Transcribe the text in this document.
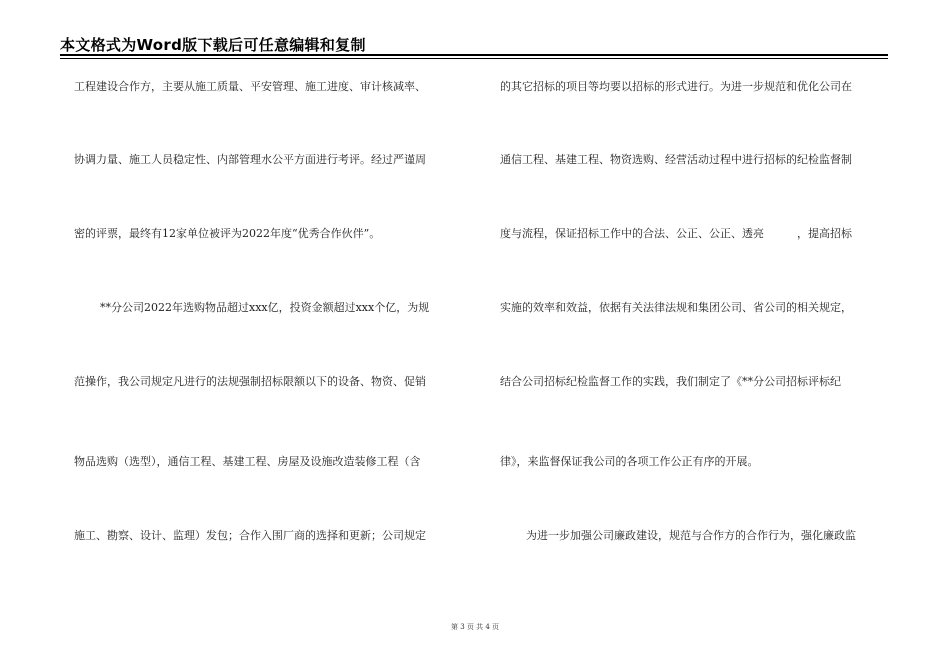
本文格式为Word版下载后可任意编辑和复制
工程建设合作方，主要从施工质量、平安管理、施工进度、审计核减率、
协调力量、施工人员稳定性、内部管理水公平方面进行考评。经过严谨周
密的评票，最终有12家单位被评为2022年度“优秀合作伙伴”。
**分公司2022年选购物品超过xxx亿，投资金额超过xxx个亿，为规
范操作，我公司规定凡进行的法规强制招标限额以下的设备、物资、促销
物品选购（选型），通信工程、基建工程、房屋及设施改造装修工程（含
施工、勘察、设计、监理）发包；合作入围厂商的选择和更新；公司规定
的其它招标的项目等均要以招标的形式进行。为进一步规范和优化公司在
通信工程、基建工程、物资选购、经营活动过程中进行招标的纪检监督制
度与流程，保证招标工作中的合法、公正、公正、透亮　　　，提高招标
实施的效率和效益，依据有关法律法规和集团公司、省公司的相关规定，
结合公司招标纪检监督工作的实践，我们制定了《**分公司招标评标纪
律》，来监督保证我公司的各项工作公正有序的开展。
为进一步加强公司廉政建设，规范与合作方的合作行为，强化廉政监
第 3 页 共 4 页
